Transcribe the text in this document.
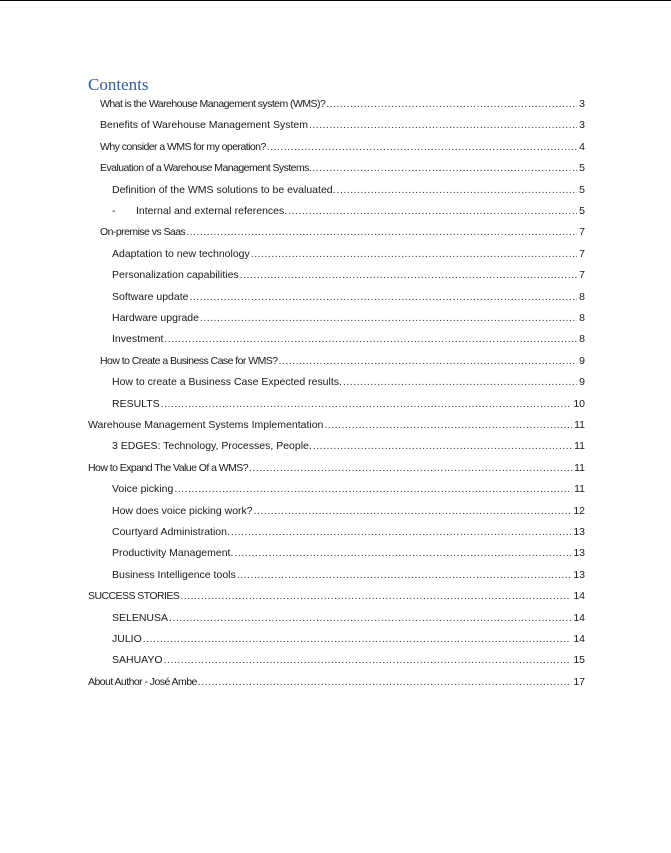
Contents
What is the Warehouse Management system (WMS)? .....	3
Benefits of Warehouse Management System .....	3
Why consider a WMS for my operation? .....	4
Evaluation of a Warehouse Management Systems. .....	5
Definition of the WMS solutions to be evaluated. .....	5
-	Internal and external references. .....	5
On-premise vs Saas .....	7
Adaptation to new technology .....	7
Personalization capabilities .....	7
Software update .....	8
Hardware upgrade .....	8
Investment .....	8
How to Create a Business Case for WMS? .....	9
How to create a Business Case Expected results. .....	9
RESULTS .....	10
Warehouse Management Systems Implementation .....	11
3 EDGES: Technology, Processes, People. .....	11
How to Expand The Value Of a WMS? .....	11
Voice picking .....	11
How does voice picking work? .....	12
Courtyard Administration. .....	13
Productivity Management. .....	13
Business Intelligence tools .....	13
SUCCESS STORIES .....	14
SELENUSA .....	14
JULIO .....	14
SAHUAYO .....	15
About Author - José Ambe .....	17
